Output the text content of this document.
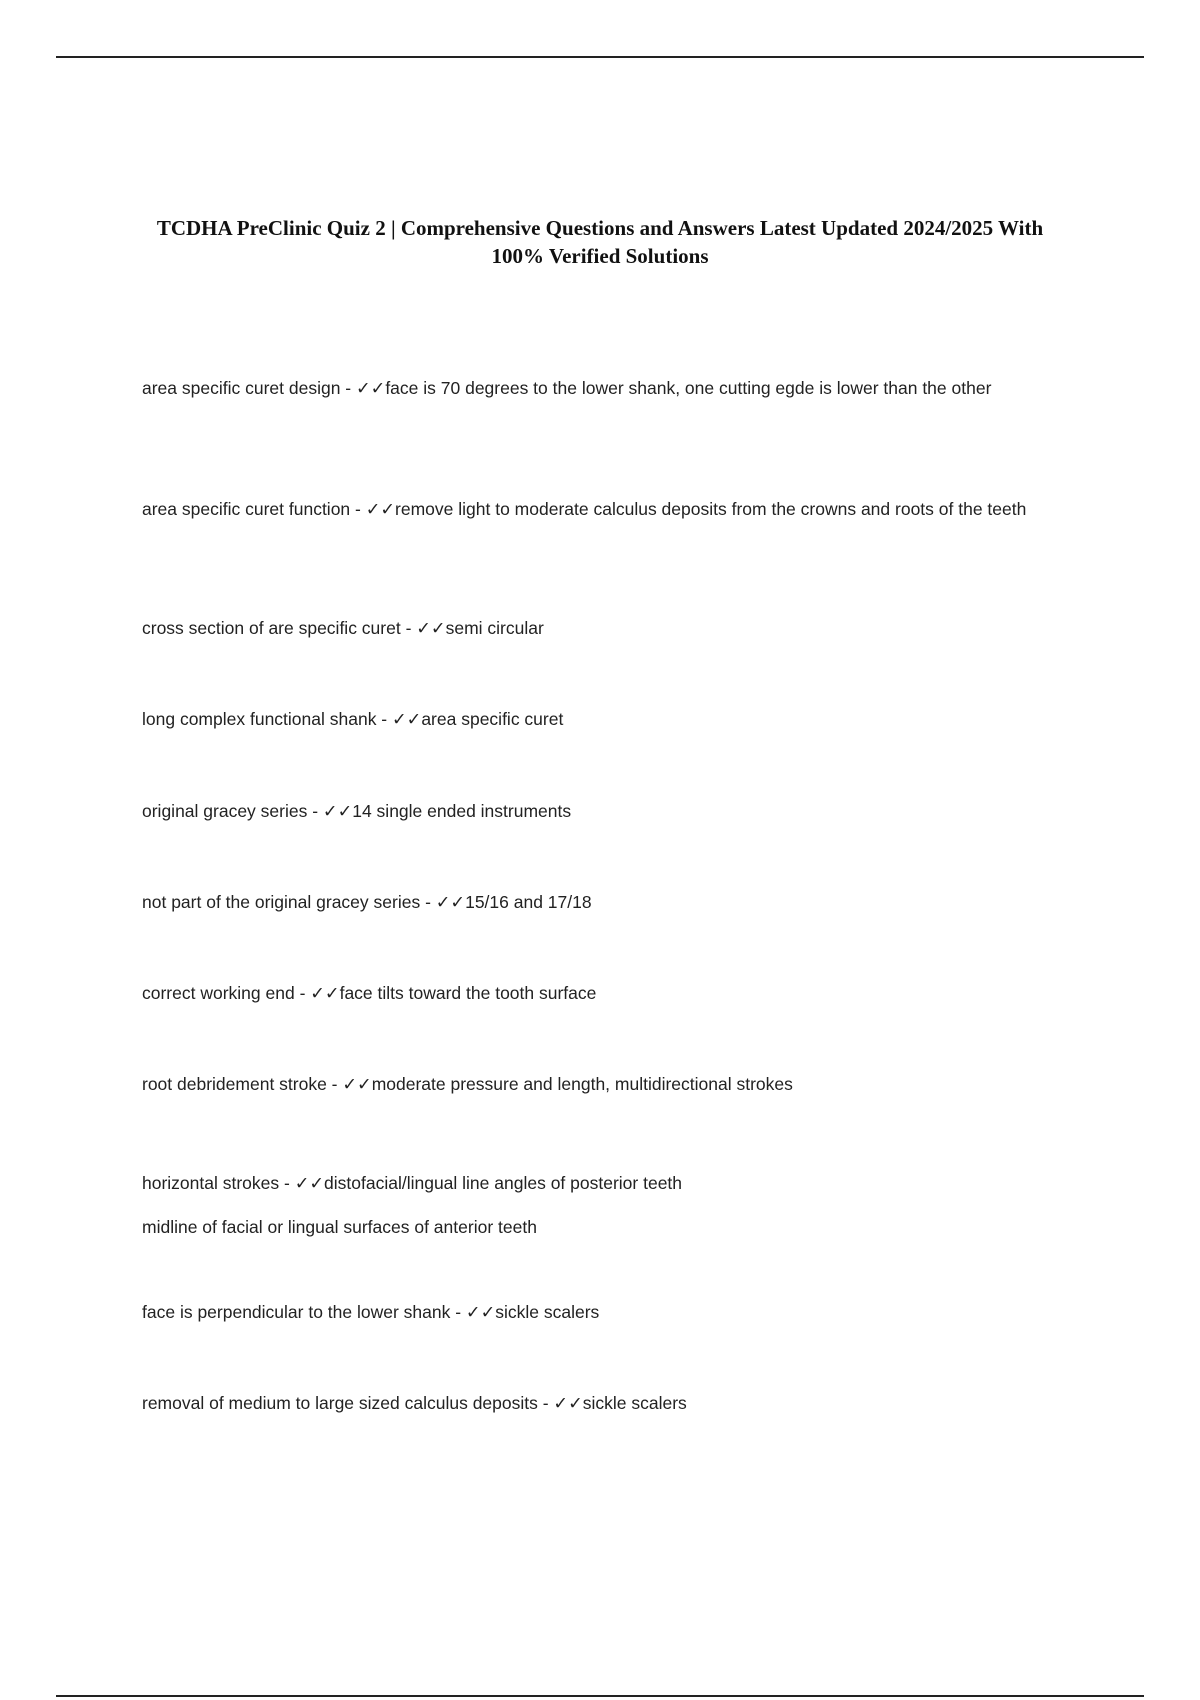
TCDHA PreClinic Quiz 2 | Comprehensive Questions and Answers Latest Updated 2024/2025 With 100% Verified Solutions

area specific curet design - ✓✓face is 70 degrees to the lower shank, one cutting egde is lower than the other

area specific curet function - ✓✓remove light to moderate calculus deposits from the crowns and roots of the teeth

cross section of are specific curet - ✓✓semi circular

long complex functional shank - ✓✓area specific curet

original gracey series - ✓✓14 single ended instruments

not part of the original gracey series - ✓✓15/16 and 17/18

correct working end - ✓✓face tilts toward the tooth surface

root debridement stroke - ✓✓moderate pressure and length, multidirectional strokes

horizontal strokes - ✓✓distofacial/lingual line angles of posterior teeth
midline of facial or lingual surfaces of anterior teeth

face is perpendicular to the lower shank - ✓✓sickle scalers

removal of medium to large sized calculus deposits - ✓✓sickle scalers
